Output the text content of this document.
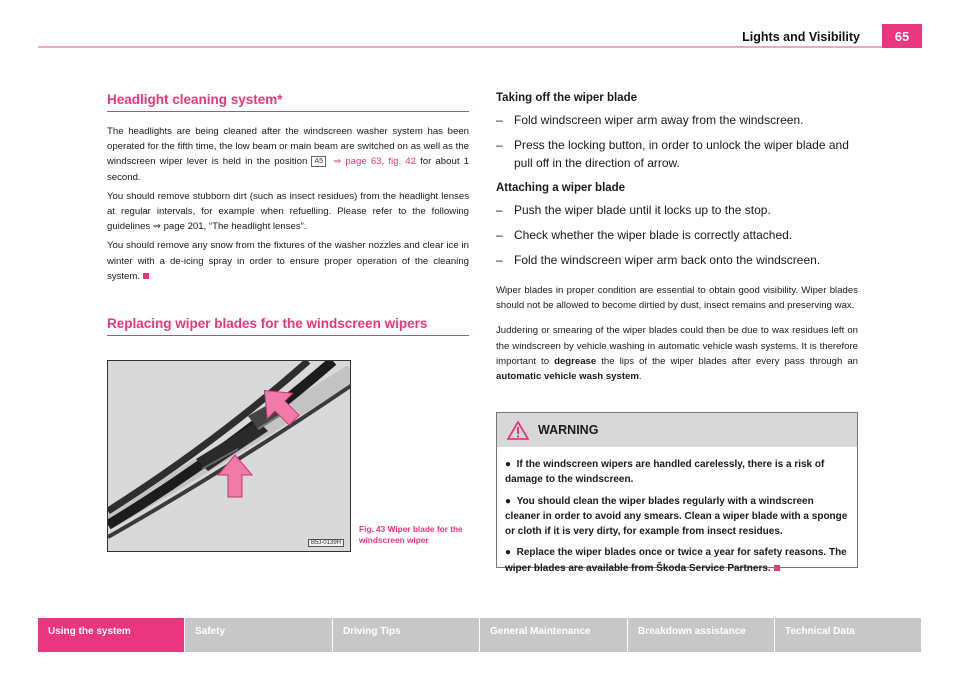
Lights and Visibility	65
Headlight cleaning system*

The headlights are being cleaned after the windscreen washer system has been operated for the fifth time, the low beam or main beam are switched on as well as the windscreen wiper lever is held in the position A5 ⇒ page 63, fig. 42 for about 1 second.

You should remove stubborn dirt (such as insect residues) from the headlight lenses at regular intervals, for example when refuelling. Please refer to the following guidelines ⇒ page 201, “The headlight lenses”.

You should remove any snow from the fixtures of the washer nozzles and clear ice in winter with a de-icing spray in order to ensure proper operation of the cleaning system.

Replacing wiper blades for the windscreen wipers
B5J-0139H
Fig. 43 Wiper blade for the windscreen wiper
Taking off the wiper blade
– Fold windscreen wiper arm away from the windscreen.
– Press the locking button, in order to unlock the wiper blade and pull off in the direction of arrow.
Attaching a wiper blade
– Push the wiper blade until it locks up to the stop.
– Check whether the wiper blade is correctly attached.
– Fold the windscreen wiper arm back onto the windscreen.

Wiper blades in proper condition are essential to obtain good visibility. Wiper blades should not be allowed to become dirtied by dust, insect remains and preserving wax.

Juddering or smearing of the wiper blades could then be due to wax residues left on the windscreen by vehicle washing in automatic vehicle wash systems. It is therefore important to degrease the lips of the wiper blades after every pass through an automatic vehicle wash system.

WARNING
● If the windscreen wipers are handled carelessly, there is a risk of damage to the windscreen.
● You should clean the wiper blades regularly with a windscreen cleaner in order to avoid any smears. Clean a wiper blade with a sponge or cloth if it is very dirty, for example from insect residues.
● Replace the wiper blades once or twice a year for safety reasons. The wiper blades are available from Škoda Service Partners.
Using the system	Safety	Driving Tips	General Maintenance	Breakdown assistance	Technical Data
